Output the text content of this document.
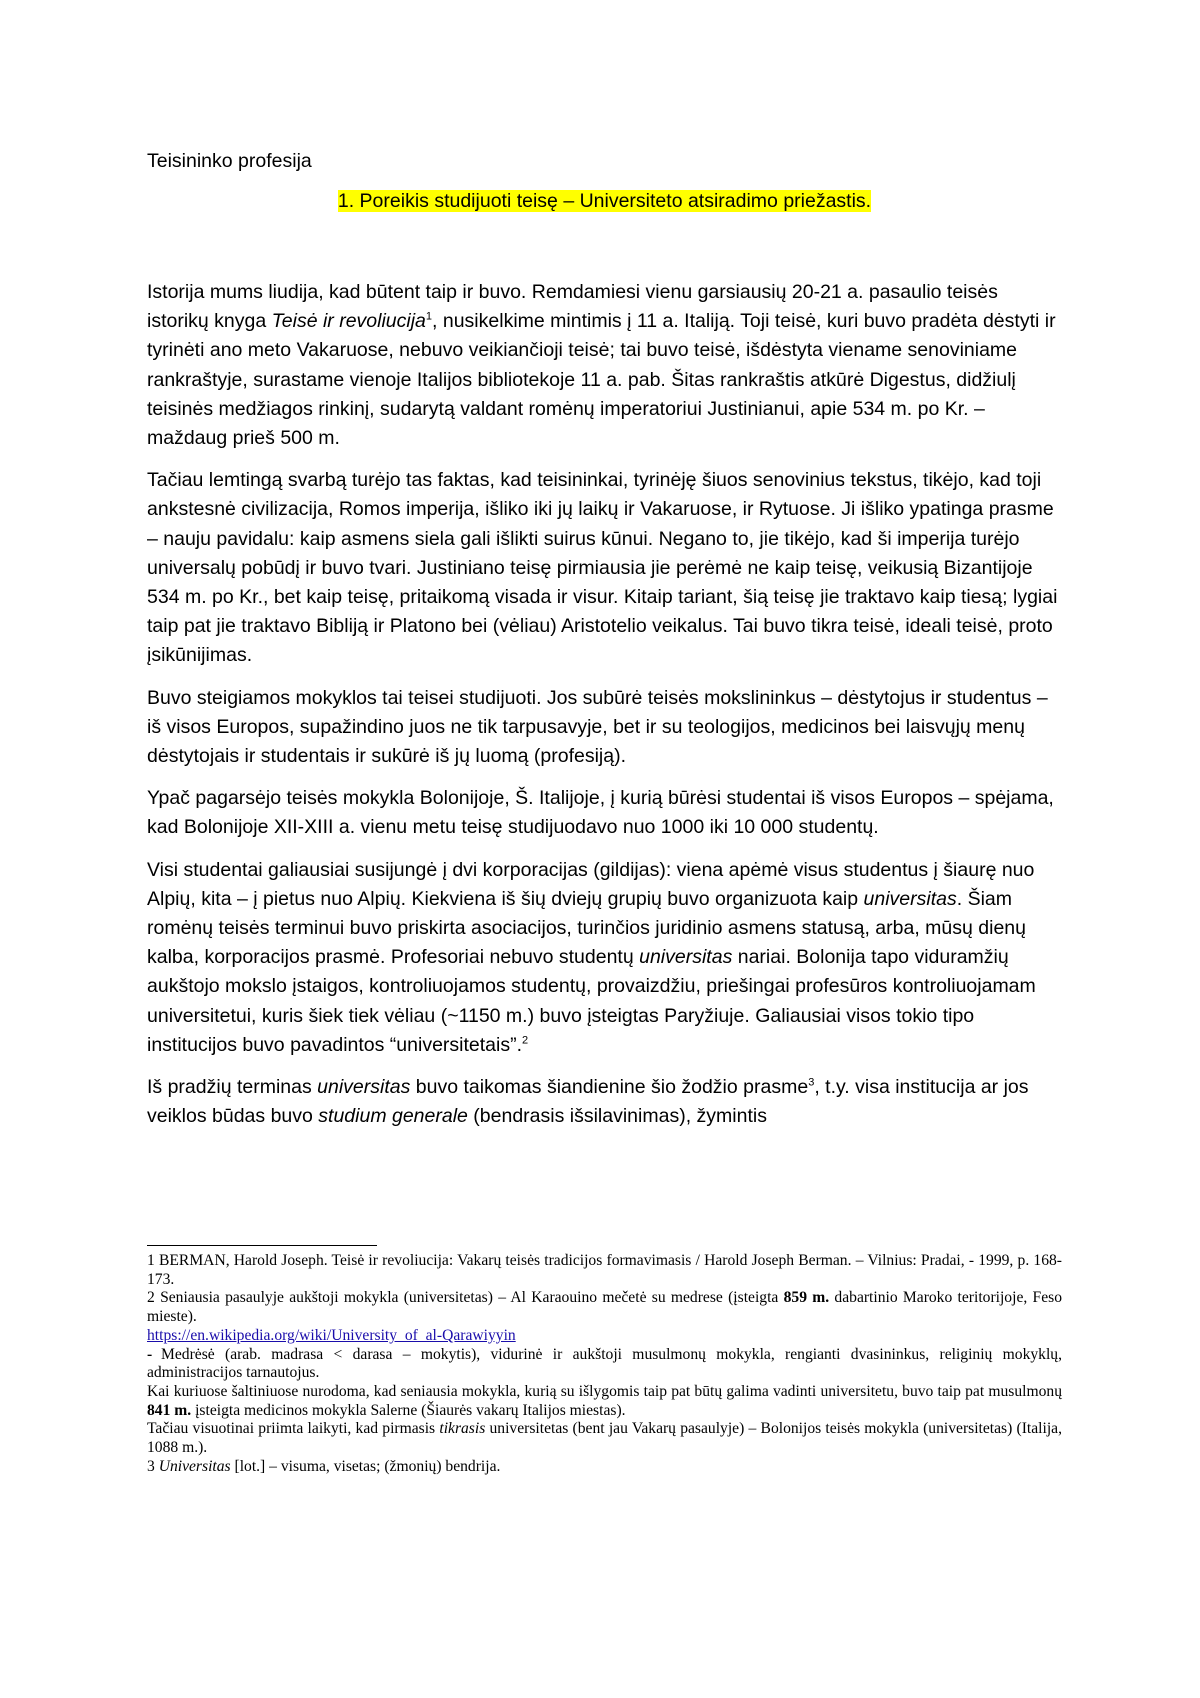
Teisininko profesija
1. Poreikis studijuoti teisę – Universiteto atsiradimo priežastis.

Istorija mums liudija, kad būtent taip ir buvo. Remdamiesi vienu garsiausių 20-21 a. pasaulio teisės istorikų knyga Teisė ir revoliucija$^1$, nusikelkime mintimis į 11 a. Italiją. Toji teisė, kuri buvo pradėta dėstyti ir tyrinėti ano meto Vakaruose, nebuvo veikiančioji teisė; tai buvo teisė, išdėstyta viename senoviniame rankraštyje, surastame vienoje Italijos bibliotekoje 11 a. pab. Šitas rankraštis atkūrė Digestus, didžiulį teisinės medžiagos rinkinį, sudarytą valdant romėnų imperatoriui Justinianui, apie 534 m. po Kr. – maždaug prieš 500 m.

Tačiau lemtingą svarbą turėjo tas faktas, kad teisininkai, tyrinėję šiuos senovinius tekstus, tikėjo, kad toji ankstesnė civilizacija, Romos imperija, išliko iki jų laikų ir Vakaruose, ir Rytuose. Ji išliko ypatinga prasme – nauju pavidalu: kaip asmens siela gali išlikti suirus kūnui. Negano to, jie tikėjo, kad ši imperija turėjo universalų pobūdį ir buvo tvari. Justiniano teisę pirmiausia jie perėmė ne kaip teisę, veikusią Bizantijoje 534 m. po Kr., bet kaip teisę, pritaikomą visada ir visur. Kitaip tariant, šią teisę jie traktavo kaip tiesą; lygiai taip pat jie traktavo Bibliją ir Platono bei (vėliau) Aristotelio veikalus. Tai buvo tikra teisė, ideali teisė, proto įsikūnijimas.

Buvo steigiamos mokyklos tai teisei studijuoti. Jos subūrė teisės mokslininkus – dėstytojus ir studentus – iš visos Europos, supažindino juos ne tik tarpusavyje, bet ir su teologijos, medicinos bei laisvųjų menų dėstytojais ir studentais ir sukūrė iš jų luomą (profesiją).

Ypač pagarsėjo teisės mokykla Bolonijoje, Š. Italijoje, į kurią būrėsi studentai iš visos Europos – spėjama, kad Bolonijoje XII-XIII a. vienu metu teisę studijuodavo nuo 1000 iki 10 000 studentų.

Visi studentai galiausiai susijungė į dvi korporacijas (gildijas): viena apėmė visus studentus į šiaurę nuo Alpių, kita – į pietus nuo Alpių. Kiekviena iš šių dviejų grupių buvo organizuota kaip universitas. Šiam romėnų teisės terminui buvo priskirta asociacijos, turinčios juridinio asmens statusą, arba, mūsų dienų kalba, korporacijos prasmė. Profesoriai nebuvo studentų universitas nariai. Bolonija tapo viduramžių aukštojo mokslo įstaigos, kontroliuojamos studentų, provaizdžiu, priešingai profesūros kontroliuojamam universitetui, kuris šiek tiek vėliau (~1150 m.) buvo įsteigtas Paryžiuje. Galiausiai visos tokio tipo institucijos buvo pavadintos “universitetais”.$^2$

Iš pradžių terminas universitas buvo taikomas šiandienine šio žodžio prasme$^3$, t.y. visa institucija ar jos veiklos būdas buvo studium generale (bendrasis išsilavinimas), žymintis

1 BERMAN, Harold Joseph. Teisė ir revoliucija: Vakarų teisės tradicijos formavimasis / Harold Joseph Berman. – Vilnius: Pradai, - 1999, p. 168-173.

2 Seniausia pasaulyje aukštoji mokykla (universitetas) – Al Karaouino mečetė su medrese (įsteigta 859 m. dabartinio Maroko teritorijoje, Feso mieste).

https://en.wikipedia.org/wiki/University_of_al-Qarawiyyin

- Medrėsė (arab. madrasa < darasa – mokytis), vidurinė ir aukštoji musulmonų mokykla, rengianti dvasininkus, religinių mokyklų, administracijos tarnautojus.

Kai kuriuose šaltiniuose nurodoma, kad seniausia mokykla, kurią su išlygomis taip pat būtų galima vadinti universitetu, buvo taip pat musulmonų 841 m. įsteigta medicinos mokykla Salerne (Šiaurės vakarų Italijos miestas).

Tačiau visuotinai priimta laikyti, kad pirmasis tikrasis universitetas (bent jau Vakarų pasaulyje) – Bolonijos teisės mokykla (universitetas) (Italija, 1088 m.).

3 Universitas [lot.] – visuma, visetas; (žmonių) bendrija.
